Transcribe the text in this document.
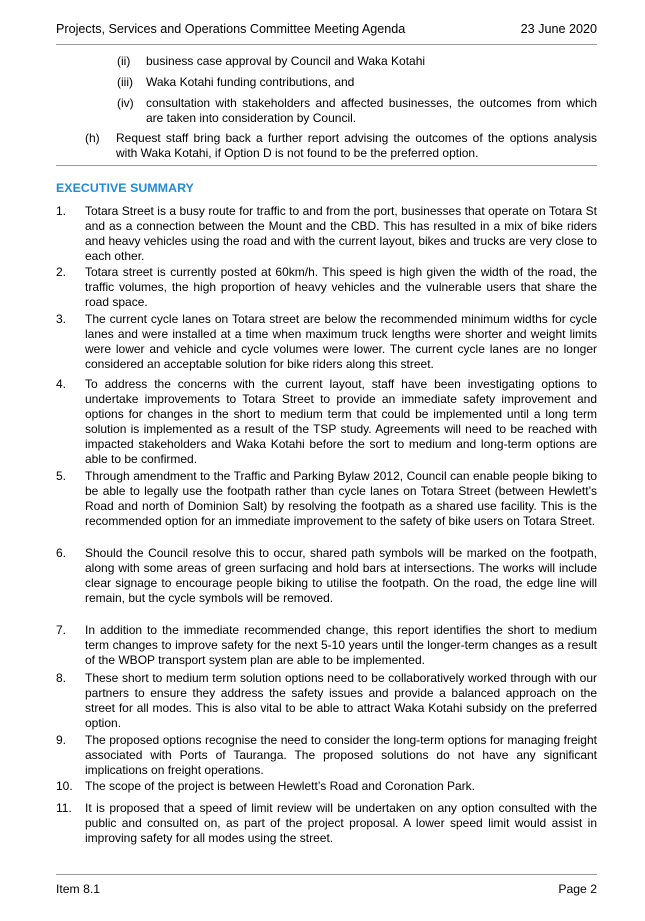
Projects, Services and Operations Committee Meeting Agenda	23 June 2020
(ii) business case approval by Council and Waka Kotahi
(iii) Waka Kotahi funding contributions, and
(iv) consultation with stakeholders and affected businesses, the outcomes from which are taken into consideration by Council.
(h) Request staff bring back a further report advising the outcomes of the options analysis with Waka Kotahi, if Option D is not found to be the preferred option.
EXECUTIVE SUMMARY
1. Totara Street is a busy route for traffic to and from the port, businesses that operate on Totara St and as a connection between the Mount and the CBD. This has resulted in a mix of bike riders and heavy vehicles using the road and with the current layout, bikes and trucks are very close to each other.
2. Totara street is currently posted at 60km/h. This speed is high given the width of the road, the traffic volumes, the high proportion of heavy vehicles and the vulnerable users that share the road space.
3. The current cycle lanes on Totara street are below the recommended minimum widths for cycle lanes and were installed at a time when maximum truck lengths were shorter and weight limits were lower and vehicle and cycle volumes were lower. The current cycle lanes are no longer considered an acceptable solution for bike riders along this street.
4. To address the concerns with the current layout, staff have been investigating options to undertake improvements to Totara Street to provide an immediate safety improvement and options for changes in the short to medium term that could be implemented until a long term solution is implemented as a result of the TSP study. Agreements will need to be reached with impacted stakeholders and Waka Kotahi before the sort to medium and long-term options are able to be confirmed.
5. Through amendment to the Traffic and Parking Bylaw 2012, Council can enable people biking to be able to legally use the footpath rather than cycle lanes on Totara Street (between Hewlett’s Road and north of Dominion Salt) by resolving the footpath as a shared use facility. This is the recommended option for an immediate improvement to the safety of bike users on Totara Street.
6. Should the Council resolve this to occur, shared path symbols will be marked on the footpath, along with some areas of green surfacing and hold bars at intersections. The works will include clear signage to encourage people biking to utilise the footpath. On the road, the edge line will remain, but the cycle symbols will be removed.
7. In addition to the immediate recommended change, this report identifies the short to medium term changes to improve safety for the next 5-10 years until the longer-term changes as a result of the WBOP transport system plan are able to be implemented.
8. These short to medium term solution options need to be collaboratively worked through with our partners to ensure they address the safety issues and provide a balanced approach on the street for all modes. This is also vital to be able to attract Waka Kotahi subsidy on the preferred option.
9. The proposed options recognise the need to consider the long-term options for managing freight associated with Ports of Tauranga. The proposed solutions do not have any significant implications on freight operations.
10. The scope of the project is between Hewlett’s Road and Coronation Park.
11. It is proposed that a speed of limit review will be undertaken on any option consulted with the public and consulted on, as part of the project proposal. A lower speed limit would assist in improving safety for all modes using the street.
Item 8.1	Page 2
